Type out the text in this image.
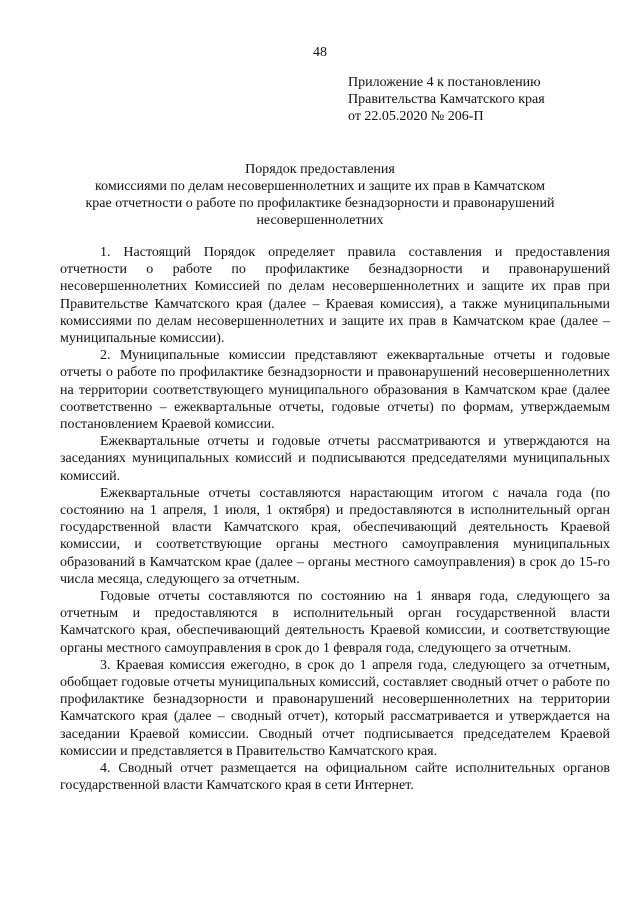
48
Приложение 4 к постановлению
Правительства Камчатского края
от 22.05.2020 № 206-П
Порядок предоставления
комиссиями по делам несовершеннолетних и защите их прав в Камчатском
крае отчетности о работе по профилактике безнадзорности и правонарушений
несовершеннолетних

1. Настоящий Порядок определяет правила составления и предоставления отчетности о работе по профилактике безнадзорности и правонарушений несовершеннолетних Комиссией по делам несовершеннолетних и защите их прав при Правительстве Камчатского края (далее – Краевая комиссия), а также муниципальными комиссиями по делам несовершеннолетних и защите их прав в Камчатском крае (далее – муниципальные комиссии).

2. Муниципальные комиссии представляют ежеквартальные отчеты и годовые отчеты о работе по профилактике безнадзорности и правонарушений несовершеннолетних на территории соответствующего муниципального образования в Камчатском крае (далее соответственно – ежеквартальные отчеты, годовые отчеты) по формам, утверждаемым постановлением Краевой комиссии.

Ежеквартальные отчеты и годовые отчеты рассматриваются и утверждаются на заседаниях муниципальных комиссий и подписываются председателями муниципальных комиссий.

Ежеквартальные отчеты составляются нарастающим итогом с начала года (по состоянию на 1 апреля, 1 июля, 1 октября) и предоставляются в исполнительный орган государственной власти Камчатского края, обеспечивающий деятельность Краевой комиссии, и соответствующие органы местного самоуправления муниципальных образований в Камчатском крае (далее – органы местного самоуправления) в срок до 15-го числа месяца, следующего за отчетным.

Годовые отчеты составляются по состоянию на 1 января года, следующего за отчетным и предоставляются в исполнительный орган государственной власти Камчатского края, обеспечивающий деятельность Краевой комиссии, и соответствующие органы местного самоуправления в срок до 1 февраля года, следующего за отчетным.

3. Краевая комиссия ежегодно, в срок до 1 апреля года, следующего за отчетным, обобщает годовые отчеты муниципальных комиссий, составляет сводный отчет о работе по профилактике безнадзорности и правонарушений несовершеннолетних на территории Камчатского края (далее – сводный отчет), который рассматривается и утверждается на заседании Краевой комиссии. Сводный отчет подписывается председателем Краевой комиссии и представляется в Правительство Камчатского края.

4. Сводный отчет размещается на официальном сайте исполнительных органов государственной власти Камчатского края в сети Интернет.
